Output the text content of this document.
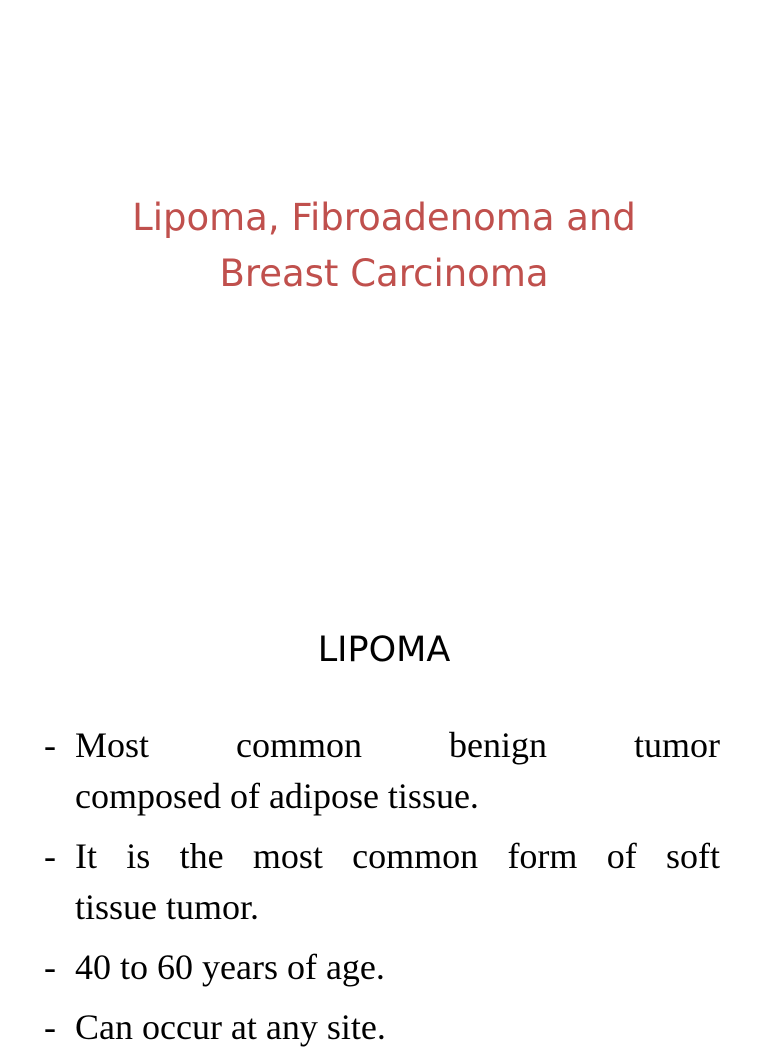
Lipoma, Fibroadenoma and
Breast Carcinoma
LIPOMA
- Most common benign tumor
composed of adipose tissue.
- It is the most common form of soft
tissue tumor.
- 40 to 60 years of age.
- Can occur at any site.
